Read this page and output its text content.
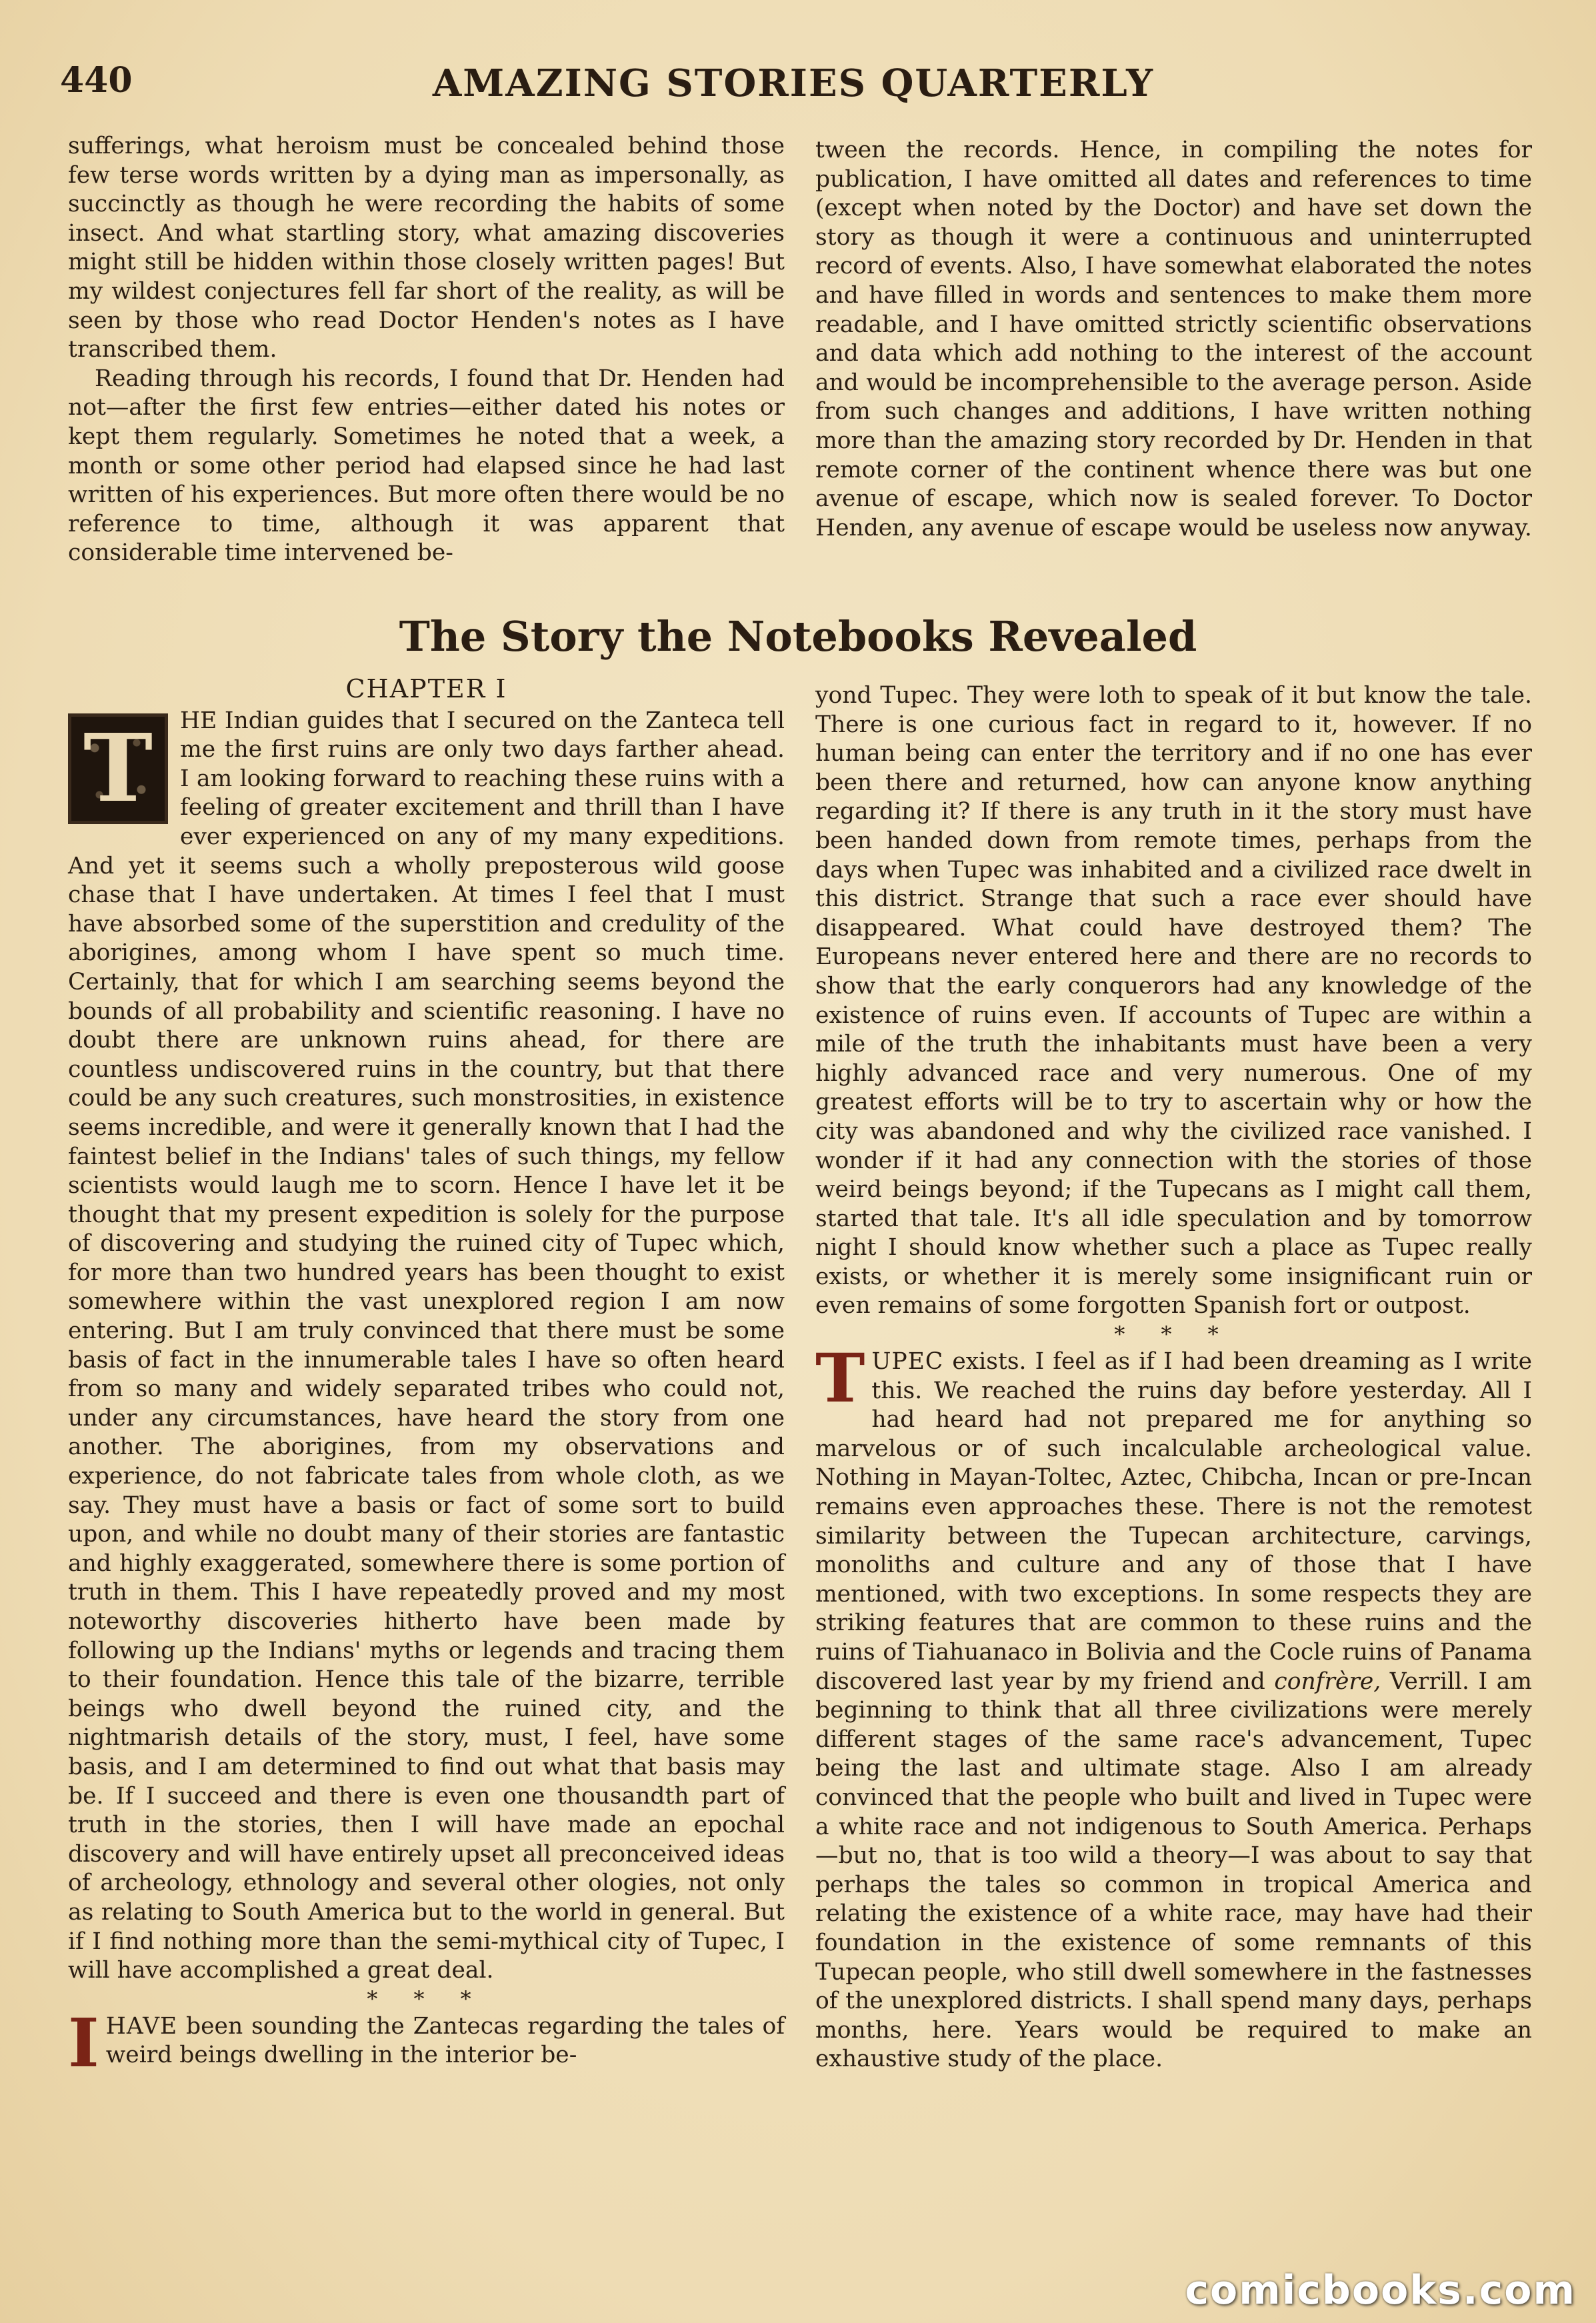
440	AMAZING STORIES QUARTERLY

sufferings, what heroism must be concealed behind those few terse words written by a dying man as impersonally, as succinctly as though he were recording the habits of some insect. And what startling story, what amazing discoveries might still be hidden within those closely written pages! But my wildest conjectures fell far short of the reality, as will be seen by those who read Doctor Henden's notes as I have transcribed them.

Reading through his records, I found that Dr. Henden had not—after the first few entries—either dated his notes or kept them regularly. Sometimes he noted that a week, a month or some other period had elapsed since he had last written of his experiences. But more often there would be no reference to time, although it was apparent that considerable time intervened be-

tween the records. Hence, in compiling the notes for publication, I have omitted all dates and references to time (except when noted by the Doctor) and have set down the story as though it were a continuous and uninterrupted record of events. Also, I have somewhat elaborated the notes and have filled in words and sentences to make them more readable, and I have omitted strictly scientific observations and data which add nothing to the interest of the account and would be incomprehensible to the average person. Aside from such changes and additions, I have written nothing more than the amazing story recorded by Dr. Henden in that remote corner of the continent whence there was but one avenue of escape, which now is sealed forever. To Doctor Henden, any avenue of escape would be useless now anyway.

The Story the Notebooks Revealed
CHAPTER I

T HE Indian guides that I secured on the Zanteca tell me the first ruins are only two days farther ahead. I am looking forward to reaching these ruins with a feeling of greater excitement and thrill than I have ever experienced on any of my many expeditions. And yet it seems such a wholly preposterous wild goose chase that I have undertaken. At times I feel that I must have absorbed some of the superstition and credulity of the aborigines, among whom I have spent so much time. Certainly, that for which I am searching seems beyond the bounds of all probability and scientific reasoning. I have no doubt there are unknown ruins ahead, for there are countless undiscovered ruins in the country, but that there could be any such creatures, such monstrosities, in existence seems incredible, and were it generally known that I had the faintest belief in the Indians' tales of such things, my fellow scientists would laugh me to scorn. Hence I have let it be thought that my present expedition is solely for the purpose of discovering and studying the ruined city of Tupec which, for more than two hundred years has been thought to exist somewhere within the vast unexplored region I am now entering. But I am truly convinced that there must be some basis of fact in the innumerable tales I have so often heard from so many and widely separated tribes who could not, under any circumstances, have heard the story from one another. The aborigines, from my observations and experience, do not fabricate tales from whole cloth, as we say. They must have a basis or fact of some sort to build upon, and while no doubt many of their stories are fantastic and highly exaggerated, somewhere there is some portion of truth in them. This I have repeatedly proved and my most noteworthy discoveries hitherto have been made by following up the Indians' myths or legends and tracing them to their foundation. Hence this tale of the bizarre, terrible beings who dwell beyond the ruined city, and the nightmarish details of the story, must, I feel, have some basis, and I am determined to find out what that basis may be. If I succeed and there is even one thousandth part of truth in the stories, then I will have made an epochal discovery and will have entirely upset all preconceived ideas of archeology, ethnology and several other ologies, not only as relating to South America but to the world in general. But if I find nothing more than the semi-mythical city of Tupec, I will have accomplished a great deal.

* * *

IHAVE been sounding the Zantecas regarding the tales of weird beings dwelling in the interior be-

yond Tupec. They were loth to speak of it but know the tale. There is one curious fact in regard to it, however. If no human being can enter the territory and if no one has ever been there and returned, how can anyone know anything regarding it? If there is any truth in it the story must have been handed down from remote times, perhaps from the days when Tupec was inhabited and a civilized race dwelt in this district. Strange that such a race ever should have disappeared. What could have destroyed them? The Europeans never entered here and there are no records to show that the early conquerors had any knowledge of the existence of ruins even. If accounts of Tupec are within a mile of the truth the inhabitants must have been a very highly advanced race and very numerous. One of my greatest efforts will be to try to ascertain why or how the city was abandoned and why the civilized race vanished. I wonder if it had any connection with the stories of those weird beings beyond; if the Tupecans as I might call them, started that tale. It's all idle speculation and by tomorrow night I should know whether such a place as Tupec really exists, or whether it is merely some insignificant ruin or even remains of some forgotten Spanish fort or outpost.

* * *

TUPEC exists. I feel as if I had been dreaming as I write this. We reached the ruins day before yesterday. All I had heard had not prepared me for anything so marvelous or of such incalculable archeological value. Nothing in Mayan-Toltec, Aztec, Chibcha, Incan or pre-Incan remains even approaches these. There is not the remotest similarity between the Tupecan architecture, carvings, monoliths and culture and any of those that I have mentioned, with two exceptions. In some respects they are striking features that are common to these ruins and the ruins of Tiahuanaco in Bolivia and the Cocle ruins of Panama discovered last year by my friend and confrère, Verrill. I am beginning to think that all three civilizations were merely different stages of the same race's advancement, Tupec being the last and ultimate stage. Also I am already convinced that the people who built and lived in Tupec were a white race and not indigenous to South America. Perhaps—but no, that is too wild a theory—I was about to say that perhaps the tales so common in tropical America and relating the existence of a white race, may have had their foundation in the existence of some remnants of this Tupecan people, who still dwell somewhere in the fastnesses of the unexplored districts. I shall spend many days, perhaps months, here. Years would be required to make an exhaustive study of the place.

comicbooks.com
